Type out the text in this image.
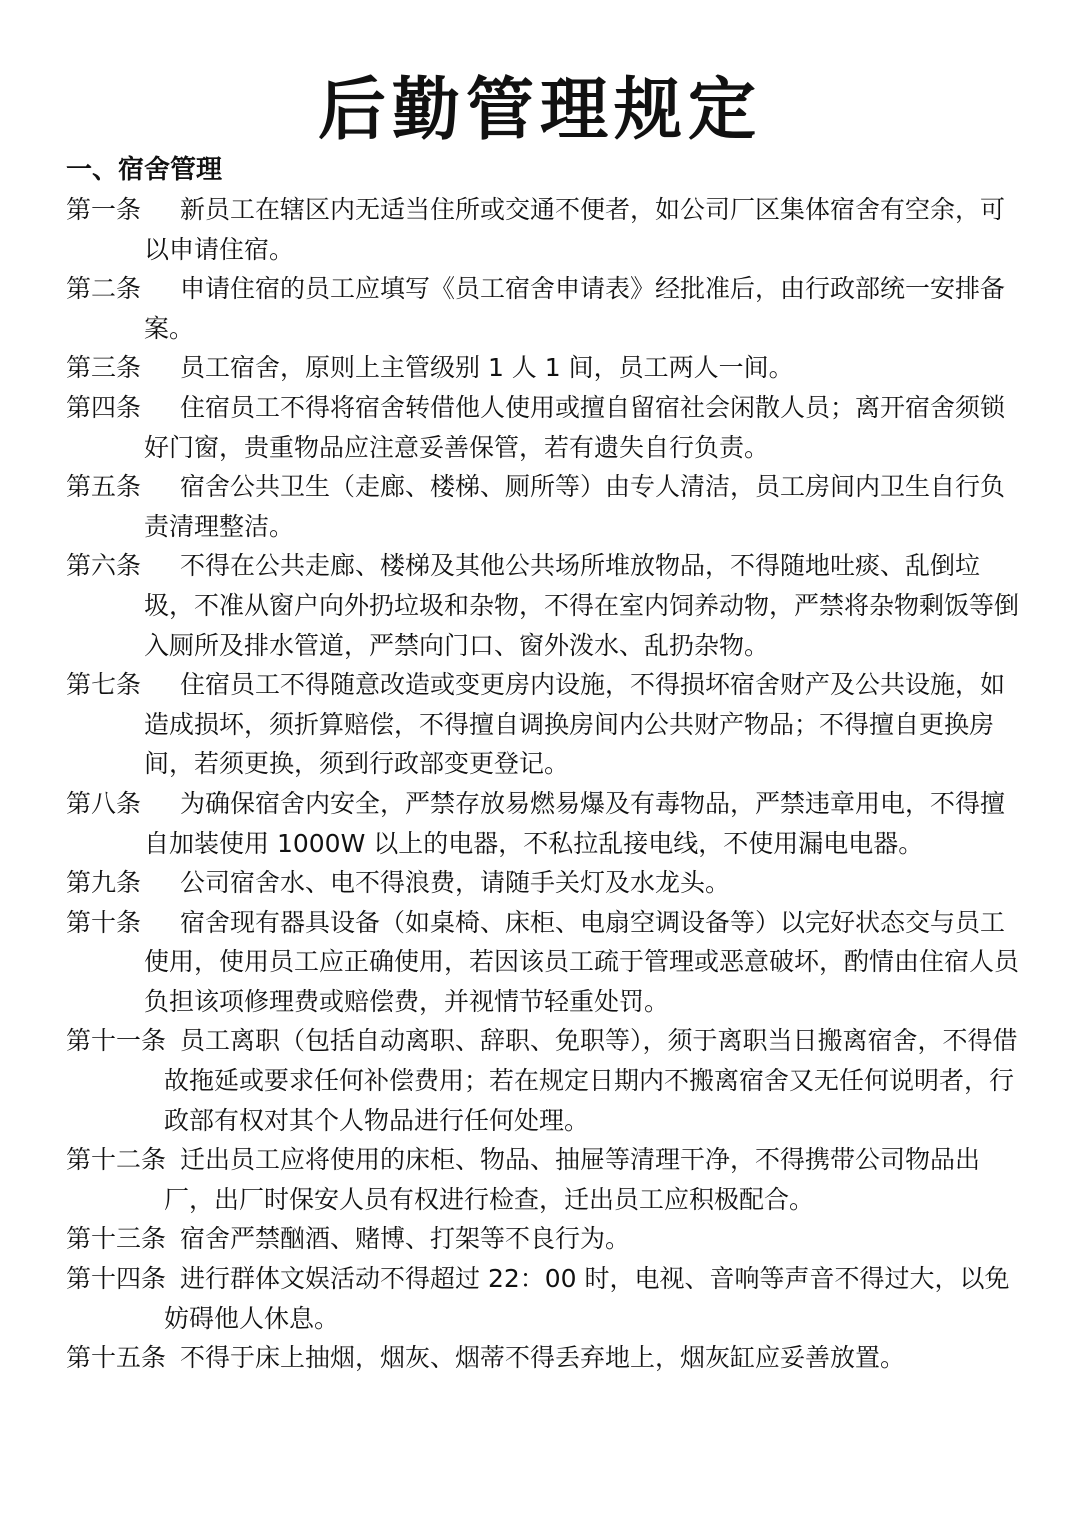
后勤管理规定
一、宿舍管理

第一条 新员工在辖区内无适当住所或交通不便者，如公司厂区集体宿舍有空余，可以申请住宿。

第二条 申请住宿的员工应填写《员工宿舍申请表》经批准后，由行政部统一安排备案。

第三条 员工宿舍，原则上主管级别 1 人 1 间，员工两人一间。

第四条 住宿员工不得将宿舍转借他人使用或擅自留宿社会闲散人员；离开宿舍须锁好门窗，贵重物品应注意妥善保管，若有遗失自行负责。

第五条 宿舍公共卫生（走廊、楼梯、厕所等）由专人清洁，员工房间内卫生自行负责清理整洁。

第六条 不得在公共走廊、楼梯及其他公共场所堆放物品，不得随地吐痰、乱倒垃圾，不准从窗户向外扔垃圾和杂物，不得在室内饲养动物，严禁将杂物剩饭等倒入厕所及排水管道，严禁向门口、窗外泼水、乱扔杂物。

第七条 住宿员工不得随意改造或变更房内设施，不得损坏宿舍财产及公共设施，如造成损坏，须折算赔偿，不得擅自调换房间内公共财产物品；不得擅自更换房间，若须更换，须到行政部变更登记。

第八条 为确保宿舍内安全，严禁存放易燃易爆及有毒物品，严禁违章用电，不得擅自加装使用 1000W 以上的电器，不私拉乱接电线，不使用漏电电器。

第九条 公司宿舍水、电不得浪费，请随手关灯及水龙头。

第十条 宿舍现有器具设备（如桌椅、床柜、电扇空调设备等）以完好状态交与员工使用，使用员工应正确使用，若因该员工疏于管理或恶意破坏，酌情由住宿人员负担该项修理费或赔偿费，并视情节轻重处罚。

第十一条 员工离职（包括自动离职、辞职、免职等），须于离职当日搬离宿舍，不得借故拖延或要求任何补偿费用；若在规定日期内不搬离宿舍又无任何说明者，行政部有权对其个人物品进行任何处理。

第十二条 迁出员工应将使用的床柜、物品、抽屉等清理干净，不得携带公司物品出厂，出厂时保安人员有权进行检查，迁出员工应积极配合。

第十三条 宿舍严禁酗酒、赌博、打架等不良行为。

第十四条 进行群体文娱活动不得超过 22：00 时，电视、音响等声音不得过大，以免妨碍他人休息。

第十五条 不得于床上抽烟，烟灰、烟蒂不得丢弃地上，烟灰缸应妥善放置。
